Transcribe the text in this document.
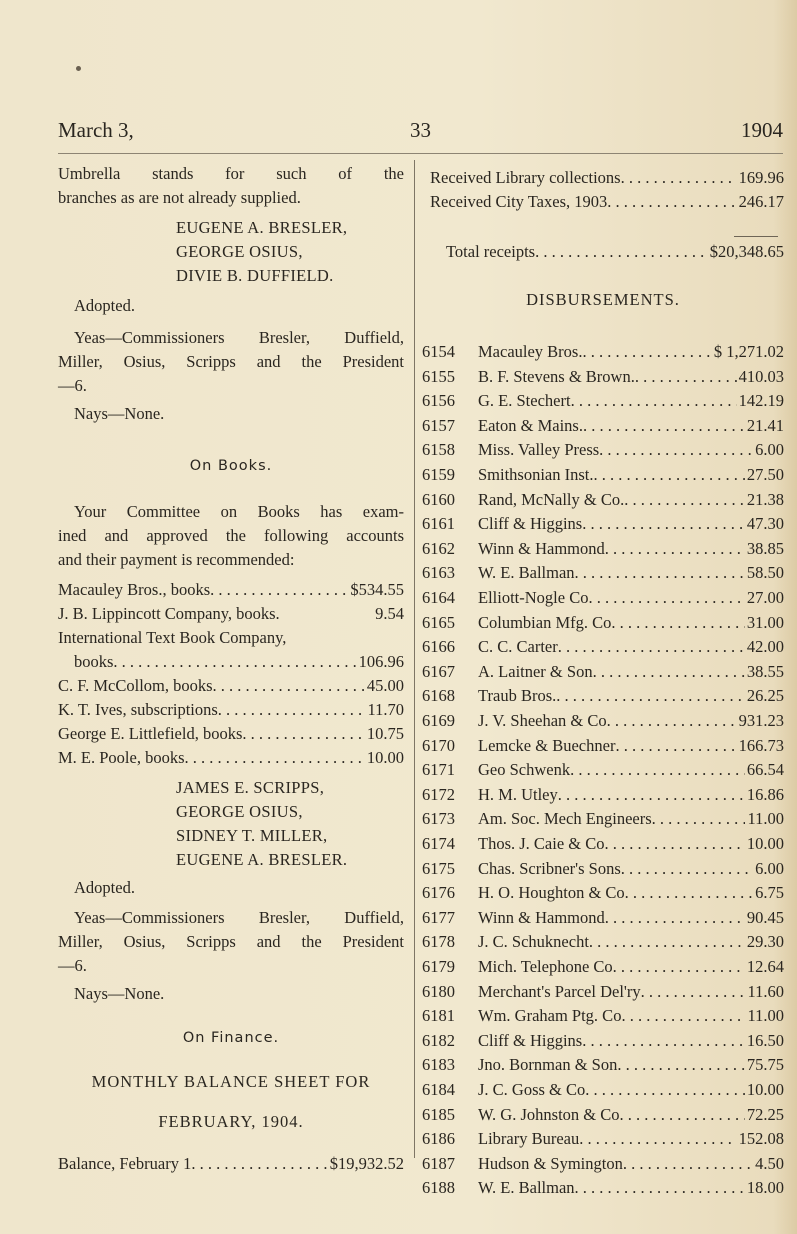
March 3,	33	1904
Umbrella stands for such of the
branches as are not already supplied.
EUGENE A. BRESLER,
GEORGE OSIUS,
DIVIE B. DUFFIELD.
Adopted.
Yeas—Commissioners Bresler, Duffield,
Miller, Osius, Scripps and the President
—6.
Nays—None.
On Books.
Your Committee on Books has exam-
ined and approved the following accounts
and their payment is recommended:
Macauley Bros., books . . .	$534.55
J. B. Lippincott Company, books.	9.54
International Text Book Company,
books . . .	106.96
C. F. McCollom, books . . .	45.00
K. T. Ives, subscriptions . . .	11.70
George E. Littlefield, books . . .	10.75
M. E. Poole, books . . .	10.00
JAMES E. SCRIPPS,
GEORGE OSIUS,
SIDNEY T. MILLER,
EUGENE A. BRESLER.
Adopted.
Yeas—Commissioners Bresler, Duffield,
Miller, Osius, Scripps and the President
—6.
Nays—None.
On Finance.
MONTHLY BALANCE SHEET FOR
FEBRUARY, 1904.
Balance, February 1 . . .	$19,932.52
Received Library collections . . .	169.96
Received City Taxes, 1903 . . .	246.17
Total receipts . . .	$20,348.65
DISBURSEMENTS.
6154	Macauley Bros. . . .	$ 1,271.02
6155	B. F. Stevens & Brown. . . .	410.03
6156	G. E. Stechert . . .	142.19
6157	Eaton & Mains. . . .	21.41
6158	Miss. Valley Press . . .	6.00
6159	Smithsonian Inst. . . .	27.50
6160	Rand, McNally & Co. . . .	21.38
6161	Cliff & Higgins . . .	47.30
6162	Winn & Hammond . . .	38.85
6163	W. E. Ballman . . .	58.50
6164	Elliott-Nogle Co . . .	27.00
6165	Columbian Mfg. Co . . .	31.00
6166	C. C. Carter . . .	42.00
6167	A. Laitner & Son . . .	38.55
6168	Traub Bros. . . .	26.25
6169	J. V. Sheehan & Co . . .	931.23
6170	Lemcke & Buechner . . .	166.73
6171	Geo Schwenk . . .	66.54
6172	H. M. Utley . . .	16.86
6173	Am. Soc. Mech Engineers . . .	11.00
6174	Thos. J. Caie & Co . . .	10.00
6175	Chas. Scribner's Sons . . .	6.00
6176	H. O. Houghton & Co . . .	6.75
6177	Winn & Hammond . . .	90.45
6178	J. C. Schuknecht . . .	29.30
6179	Mich. Telephone Co . . .	12.64
6180	Merchant's Parcel Del'ry . . .	11.60
6181	Wm. Graham Ptg. Co . . .	11.00
6182	Cliff & Higgins . . .	16.50
6183	Jno. Bornman & Son . . .	75.75
6184	J. C. Goss & Co . . .	10.00
6185	W. G. Johnston & Co . . .	72.25
6186	Library Bureau . . .	152.08
6187	Hudson & Symington . . .	4.50
6188	W. E. Ballman . . .	18.00
